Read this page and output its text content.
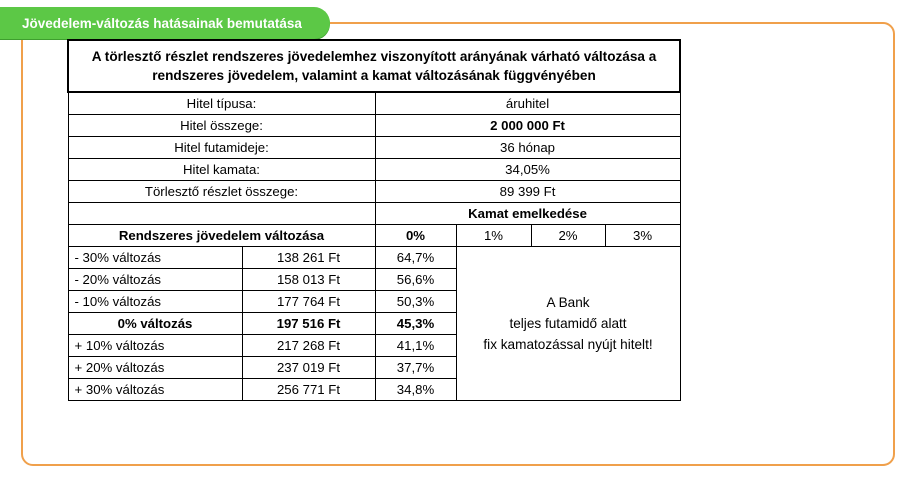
Jövedelem-változás hatásainak bemutatása
A törlesztő részlet rendszeres jövedelemhez viszonyított arányának várható változása a rendszeres jövedelem, valamint a kamat változásának függvényében					
Hitel típusa:		áruhitel			
Hitel összege:		2 000 000 Ft			
Hitel futamideje:		36 hónap			
Hitel kamata:		34,05%			
Törlesztő részlet összege:		89 399 Ft			
		Kamat emelkedése			
Rendszeres jövedelem változása		0%	1%	2%	3%
- 30% változás	138 261 Ft	64,7%	A Bank
teljes futamidő alatt
fix kamatozással nyújt hitelt!		

- 20% változás	158 013 Ft	56,6%			
- 10% változás	177 764 Ft	50,3%			
0% változás	197 516 Ft	45,3%			
+ 10% változás	217 268 Ft	41,1%			
+ 20% változás	237 019 Ft	37,7%			
+ 30% változás	256 771 Ft	34,8%			
